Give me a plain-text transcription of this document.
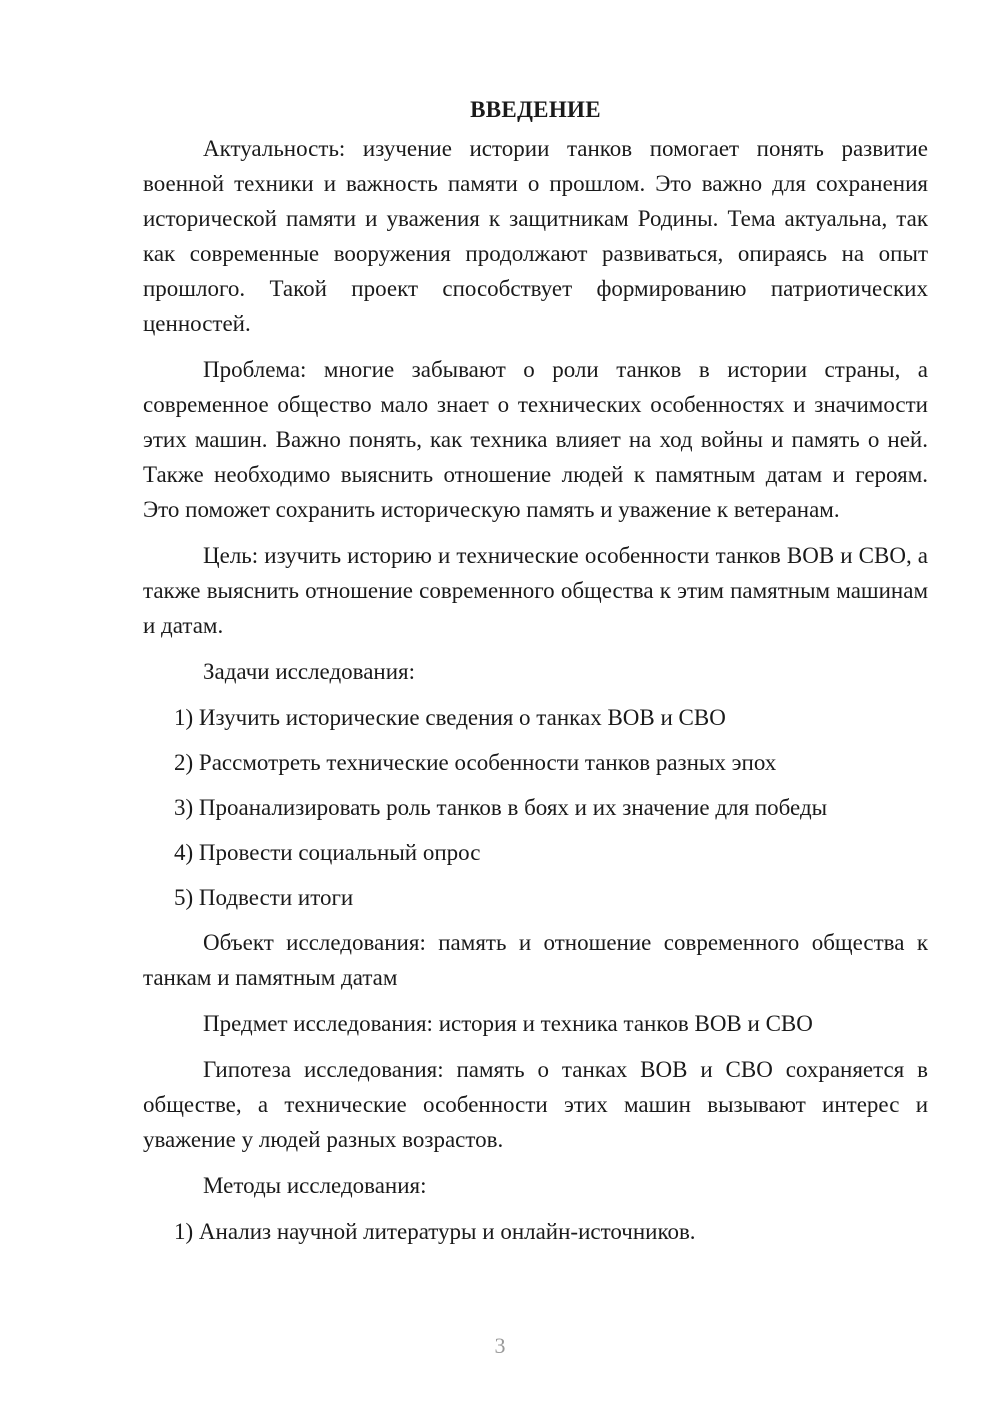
ВВЕДЕНИЕ

Актуальность: изучение истории танков помогает понять развитие военной техники и важность памяти о прошлом. Это важно для сохранения исторической памяти и уважения к защитникам Родины. Тема актуальна, так как современные вооружения продолжают развиваться, опираясь на опыт прошлого. Такой проект способствует формированию патриотических ценностей.

Проблема: многие забывают о роли танков в истории страны, а современное общество мало знает о технических особенностях и значимости этих машин. Важно понять, как техника влияет на ход войны и память о ней. Также необходимо выяснить отношение людей к памятным датам и героям. Это поможет сохранить историческую память и уважение к ветеранам.

Цель: изучить историю и технические особенности танков ВОВ и СВО, а также выяснить отношение современного общества к этим памятным машинам и датам.

Задачи исследования:
1) Изучить исторические сведения о танках ВОВ и СВО
2) Рассмотреть технические особенности танков разных эпох
3) Проанализировать роль танков в боях и их значение для победы
4) Провести социальный опрос
5) Подвести итоги

Объект исследования: память и отношение современного общества к танкам и памятным датам

Предмет исследования: история и техника танков ВОВ и СВО

Гипотеза исследования: память о танках ВОВ и СВО сохраняется в обществе, а технические особенности этих машин вызывают интерес и уважение у людей разных возрастов.

Методы исследования:
1) Анализ научной литературы и онлайн-источников.
3
